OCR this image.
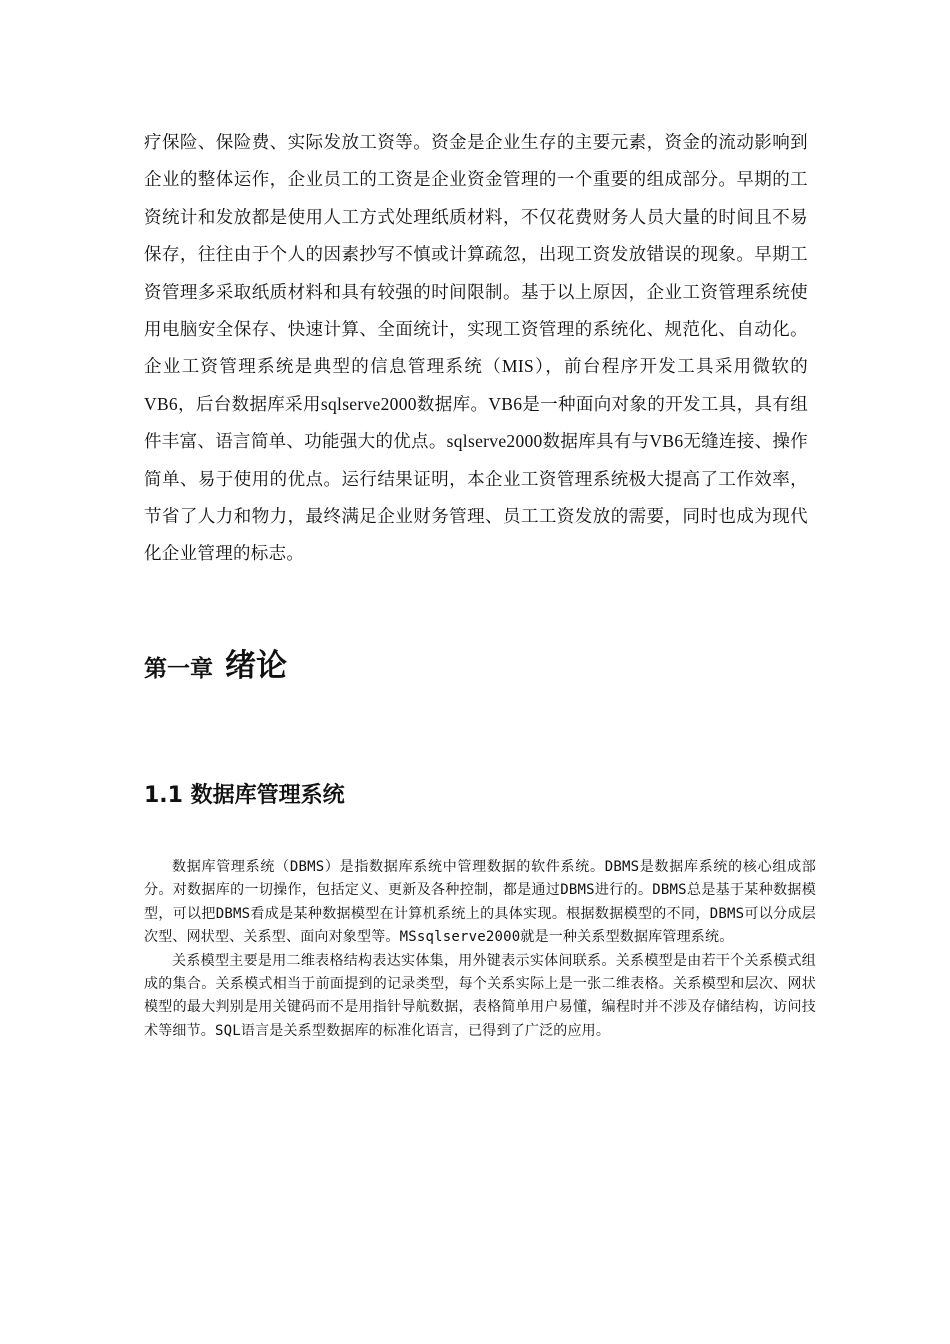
疗保险、保险费、实际发放工资等。资金是企业生存的主要元素，资金的流动影响到企业的整体运作，企业员工的工资是企业资金管理的一个重要的组成部分。早期的工资统计和发放都是使用人工方式处理纸质材料，不仅花费财务人员大量的时间且不易保存，往往由于个人的因素抄写不慎或计算疏忽，出现工资发放错误的现象。早期工资管理多采取纸质材料和具有较强的时间限制。基于以上原因，企业工资管理系统使用电脑安全保存、快速计算、全面统计，实现工资管理的系统化、规范化、自动化。企业工资管理系统是典型的信息管理系统（MIS），前台程序开发工具采用微软的VB6，后台数据库采用sqlserve2000数据库。VB6是一种面向对象的开发工具，具有组件丰富、语言简单、功能强大的优点。sqlserve2000数据库具有与VB6无缝连接、操作简单、易于使用的优点。运行结果证明，本企业工资管理系统极大提高了工作效率，节省了人力和物力，最终满足企业财务管理、员工工资发放的需要，同时也成为现代化企业管理的标志。

第一章 绪论
1.1 数据库管理系统

数据库管理系统（DBMS）是指数据库系统中管理数据的软件系统。DBMS是数据库系统的核心组成部分。对数据库的一切操作，包括定义、更新及各种控制，都是通过DBMS进行的。DBMS总是基于某种数据模型，可以把DBMS看成是某种数据模型在计算机系统上的具体实现。根据数据模型的不同，DBMS可以分成层次型、网状型、关系型、面向对象型等。MSsqlserve2000就是一种关系型数据库管理系统。

关系模型主要是用二维表格结构表达实体集，用外键表示实体间联系。关系模型是由若干个关系模式组成的集合。关系模式相当于前面提到的记录类型，每个关系实际上是一张二维表格。关系模型和层次、网状模型的最大判别是用关键码而不是用指针导航数据，表格简单用户易懂，编程时并不涉及存储结构，访问技术等细节。SQL语言是关系型数据库的标准化语言，已得到了广泛的应用。
